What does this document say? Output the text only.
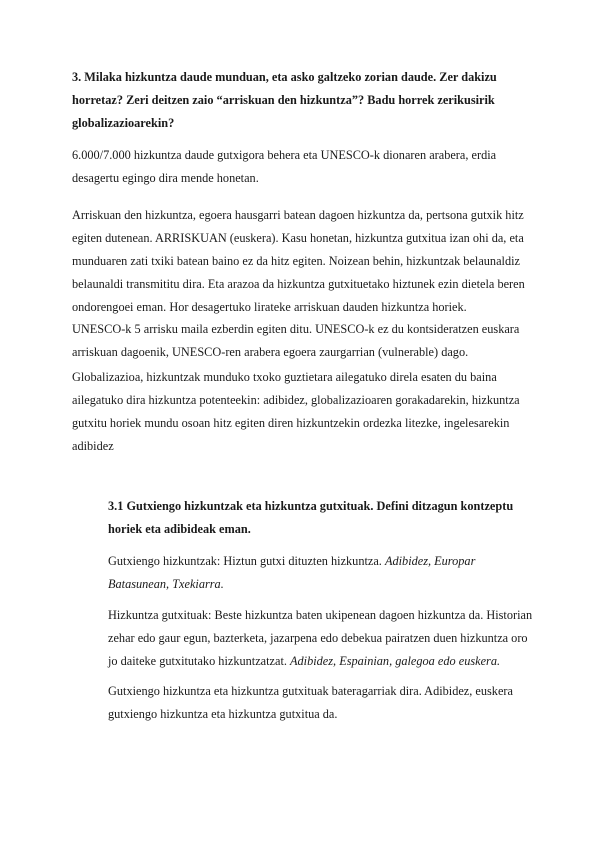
3. Milaka hizkuntza daude munduan, eta asko galtzeko zorian daude. Zer dakizu horretaz? Zeri deitzen zaio “arriskuan den hizkuntza”? Badu horrek zerikusirik globalizazioarekin?

6.000/7.000 hizkuntza daude gutxigora behera eta UNESCO-k dionaren arabera, erdia desagertu egingo dira mende honetan.

Arriskuan den hizkuntza, egoera hausgarri batean dagoen hizkuntza da, pertsona gutxik hitz egiten dutenean. ARRISKUAN (euskera). Kasu honetan, hizkuntza gutxitua izan ohi da, eta munduaren zati txiki batean baino ez da hitz egiten. Noizean behin, hizkuntzak belaunaldiz belaunaldi transmititu dira. Eta arazoa da hizkuntza gutxituetako hiztunek ezin dietela beren ondorengoei eman. Hor desagertuko lirateke arriskuan dauden hizkuntza horiek.

UNESCO-k 5 arrisku maila ezberdin egiten ditu. UNESCO-k ez du kontsideratzen euskara arriskuan dagoenik, UNESCO-ren arabera egoera zaurgarrian (vulnerable) dago.

Globalizazioa, hizkuntzak munduko txoko guztietara ailegatuko direla esaten du baina ailegatuko dira hizkuntza potenteekin: adibidez, globalizazioaren gorakadarekin, hizkuntza gutxitu horiek mundu osoan hitz egiten diren hizkuntzekin ordezka litezke, ingelesarekin adibidez

3.1 Gutxiengo hizkuntzak eta hizkuntza gutxituak. Defini ditzagun kontzeptu horiek eta adibideak eman.

Gutxiengo hizkuntzak: Hiztun gutxi dituzten hizkuntza. Adibidez, Europar Batasunean, Txekiarra.

Hizkuntza gutxituak: Beste hizkuntza baten ukipenean dagoen hizkuntza da. Historian zehar edo gaur egun, bazterketa, jazarpena edo debekua pairatzen duen hizkuntza oro jo daiteke gutxitutako hizkuntzatzat. Adibidez, Espainian, galegoa edo euskera.

Gutxiengo hizkuntza eta hizkuntza gutxituak bateragarriak dira. Adibidez, euskera gutxiengo hizkuntza eta hizkuntza gutxitua da.
